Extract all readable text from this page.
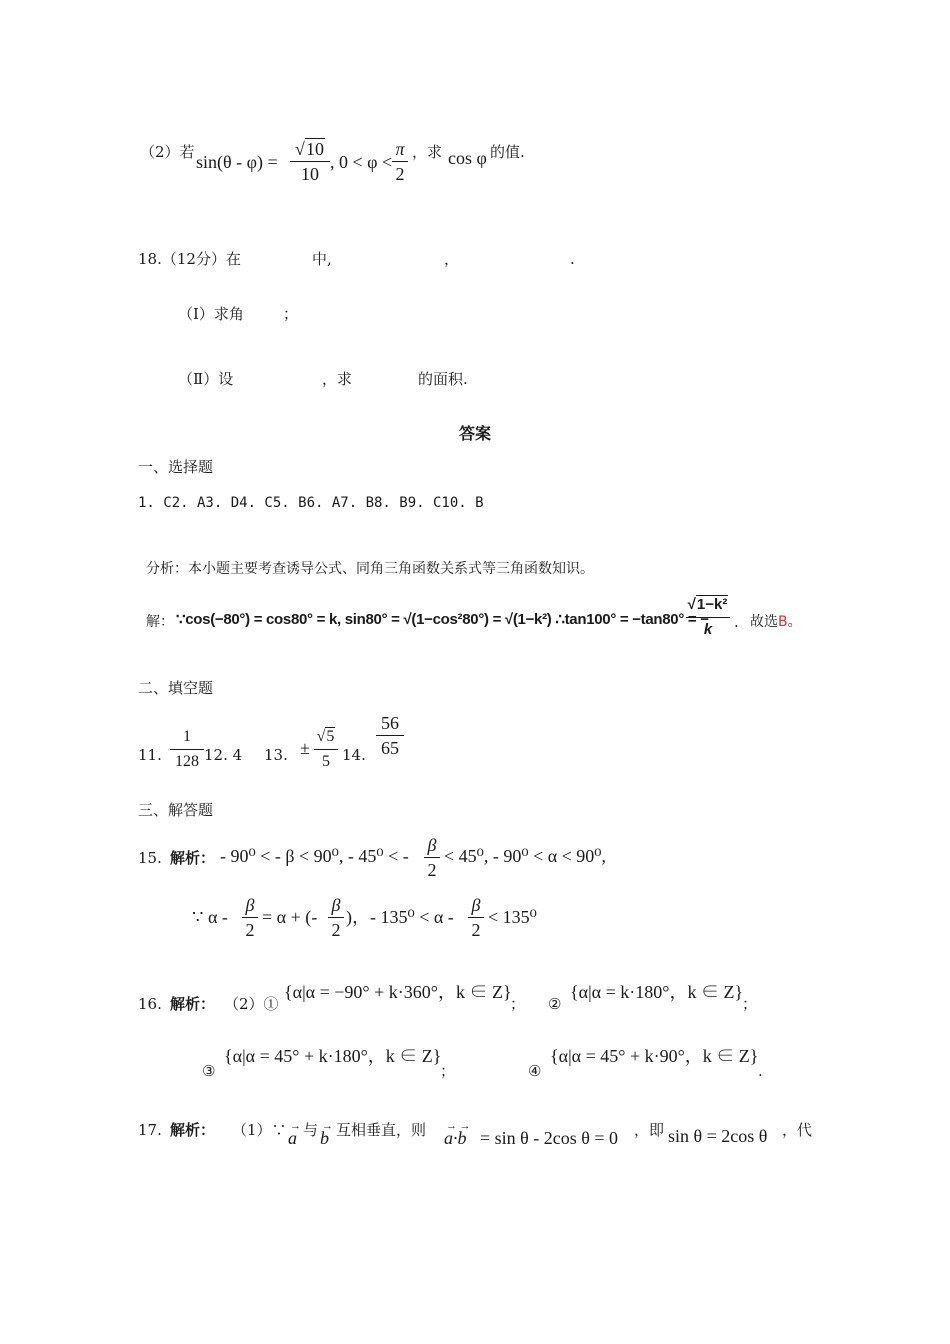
（2）若 sin(θ - φ) =
√10
10
, 0 < φ <
π
2
，求 cos φ 的值.
18.（12分）在	中,	，	.
（Ⅰ）求角	；
（Ⅱ）设	，求	的面积.
答案
一、选择题
1. C2. A3. D4. C5. B6. A7. B8. B9. C10. B
分析：本小题主要考查诱导公式、同角三角函数关系式等三角函数知识。
解： ∵cos(−80°) = cos80° = k, sin80° = √(1−cos²80°) = √(1−k²) ∴tan100° = −tan80° = −
√1−k²
k	. 故选B。
二、填空题
11.
1
128 12. 4 13. ±
√5
5 14.
56
65
三、解答题
15. 解析： - 90⁰ < - β < 90⁰, - 45⁰ < -
β
2
< 45⁰, - 90⁰ < α < 90⁰,
∵ α -
β
2
= α + (-
β
2
)，- 135⁰ < α -
β
2
< 135⁰
16. 解析： （2）①
{α|α = −90° + k·360°，k ∈ Z}
； ②
{α|α = k·180°，k ∈ Z}
；
③
{α|α = 45° + k·180°，k ∈ Z}
；	④
{α|α = 45° + k·90°，k ∈ Z}
.
17. 解析： （1）∵ → a 与 → b 互相垂直，则 → a·→ b = sin θ - 2cos θ = 0 ，即 sin θ = 2cos θ ，代
